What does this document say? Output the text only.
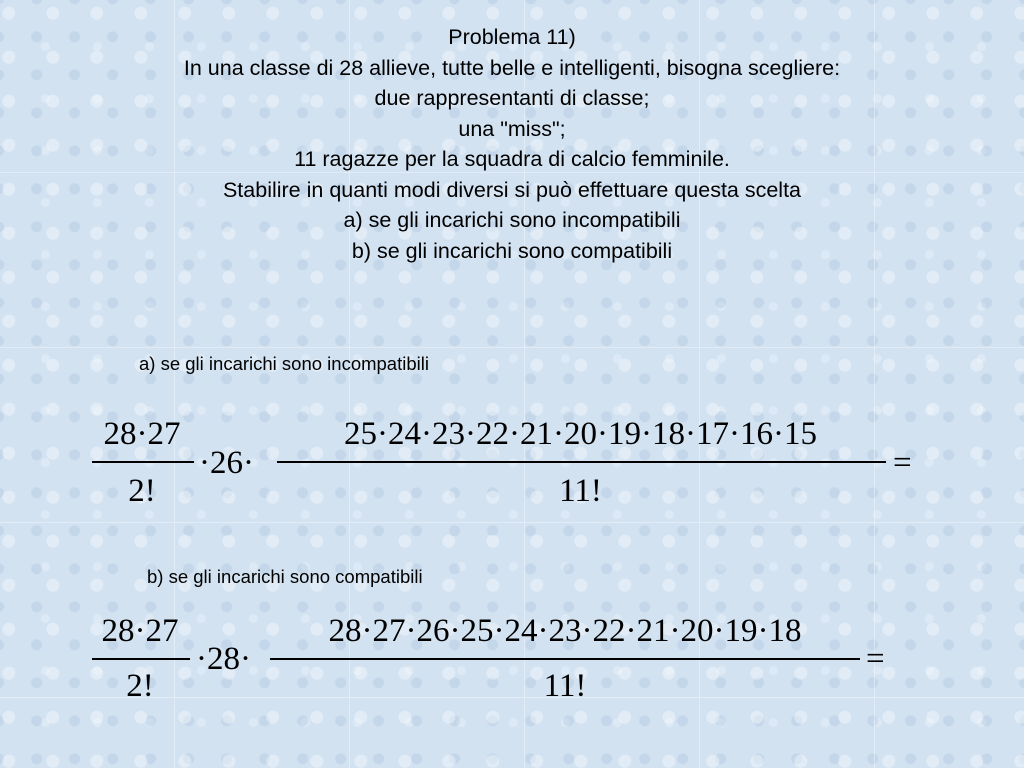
Problema 11)
In una classe di 28 allieve, tutte belle e intelligenti, bisogna scegliere:
due rappresentanti di classe;
una "miss";
11 ragazze per la squadra di calcio femminile.
Stabilire in quanti modi diversi si può effettuare questa scelta
a) se gli incarichi sono incompatibili
b) se gli incarichi sono compatibili
a) se gli incarichi sono incompatibili
28·27
2!
·26·
25·24·23·22·21·20·19·18·17·16·15
11!
=
b) se gli incarichi sono compatibili
28·27
2!
·28·
28·27·26·25·24·23·22·21·20·19·18
11!
=
